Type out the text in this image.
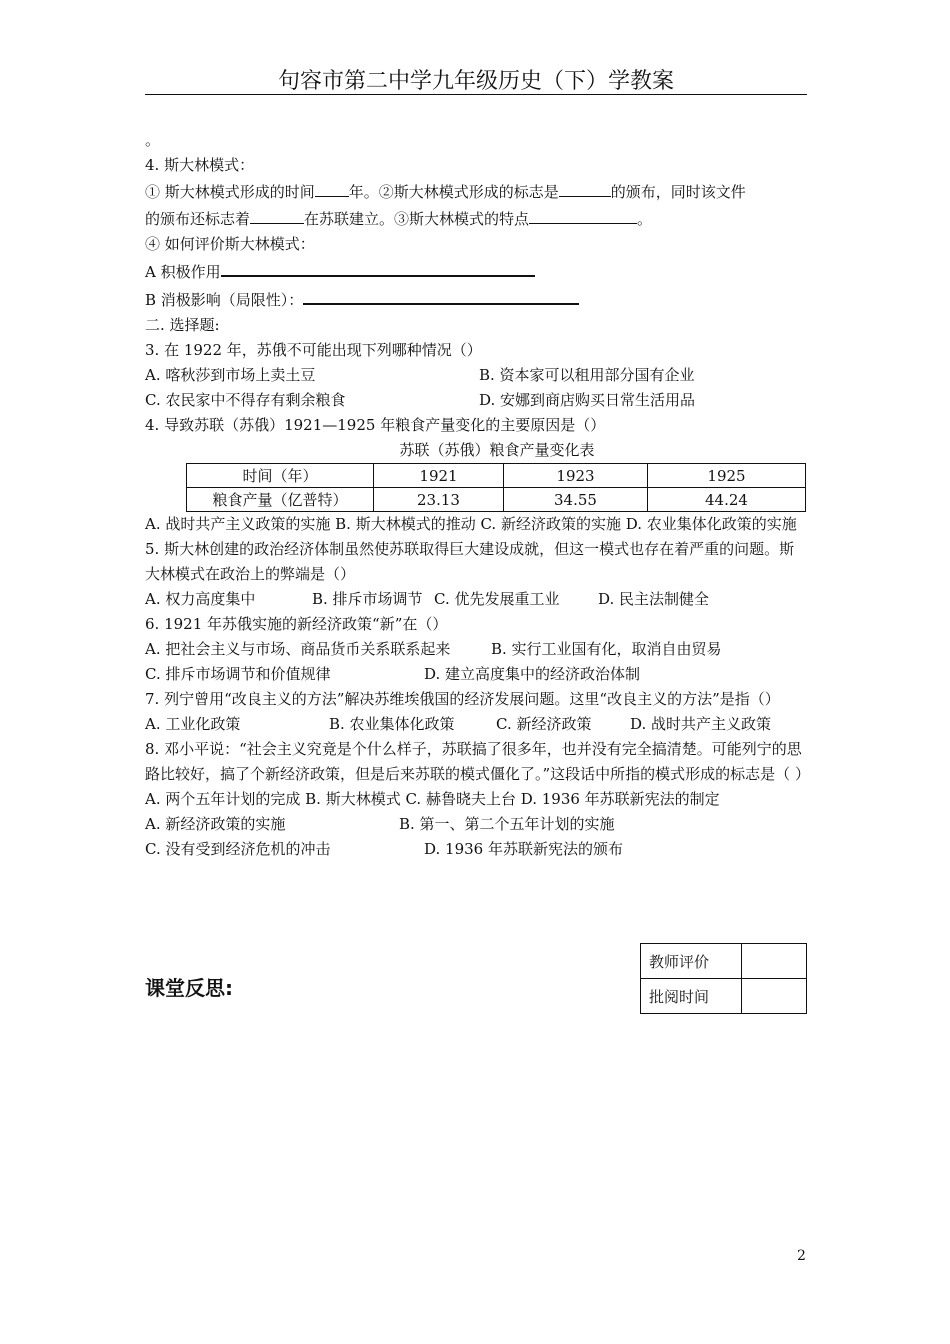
句容市第二中学九年级历史（下）学教案
。
4. 斯大林模式：
① 斯大林模式形成的时间 年。②斯大林模式形成的标志是	的颁布，同时该文件
的颁布还标志着	在苏联建立。③斯大林模式的特点	。
④ 如何评价斯大林模式：
A 积极作用
B 消极影响（局限性）：
二. 选择题:
3. 在 1922 年，苏俄不可能出现下列哪种情况（）
A. 喀秋莎到市场上卖土豆	B. 资本家可以租用部分国有企业
C. 农民家中不得存有剩余粮食	D. 安娜到商店购买日常生活用品
4. 导致苏联（苏俄）1921—1925 年粮食产量变化的主要原因是（）
苏联（苏俄）粮食产量变化表
时间（年）	1921	1923	1925
粮食产量（亿普特）	23.13	34.55	44.24
A. 战时共产主义政策的实施 B. 斯大林模式的推动 C. 新经济政策的实施 D. 农业集体化政策的实施
5. 斯大林创建的政治经济体制虽然使苏联取得巨大建设成就，但这一模式也存在着严重的问题。斯大林模式在政治上的弊端是（）
A. 权力高度集中	B. 排斥市场调节 C. 优先发展重工业	D. 民主法制健全
6. 1921 年苏俄实施的新经济政策“新”在（）
A. 把社会主义与市场、商品货币关系联系起来	B. 实行工业国有化，取消自由贸易
C. 排斥市场调节和价值规律	D. 建立高度集中的经济政治体制
7. 列宁曾用“改良主义的方法”解决苏维埃俄国的经济发展问题。这里“改良主义的方法”是指（）
A. 工业化政策	B. 农业集体化政策	C. 新经济政策	D. 战时共产主义政策
8. 邓小平说：“社会主义究竟是个什么样子，苏联搞了很多年，也并没有完全搞清楚。可能列宁的思路比较好，搞了个新经济政策，但是后来苏联的模式僵化了。”这段话中所指的模式形成的标志是（ ）
A. 两个五年计划的完成 B. 斯大林模式 C. 赫鲁晓夫上台 D. 1936 年苏联新宪法的制定
A. 新经济政策的实施	B. 第一、第二个五年计划的实施
C. 没有受到经济危机的冲击	D. 1936 年苏联新宪法的颁布
课堂反思:
教师评价	
批阅时间	
2
